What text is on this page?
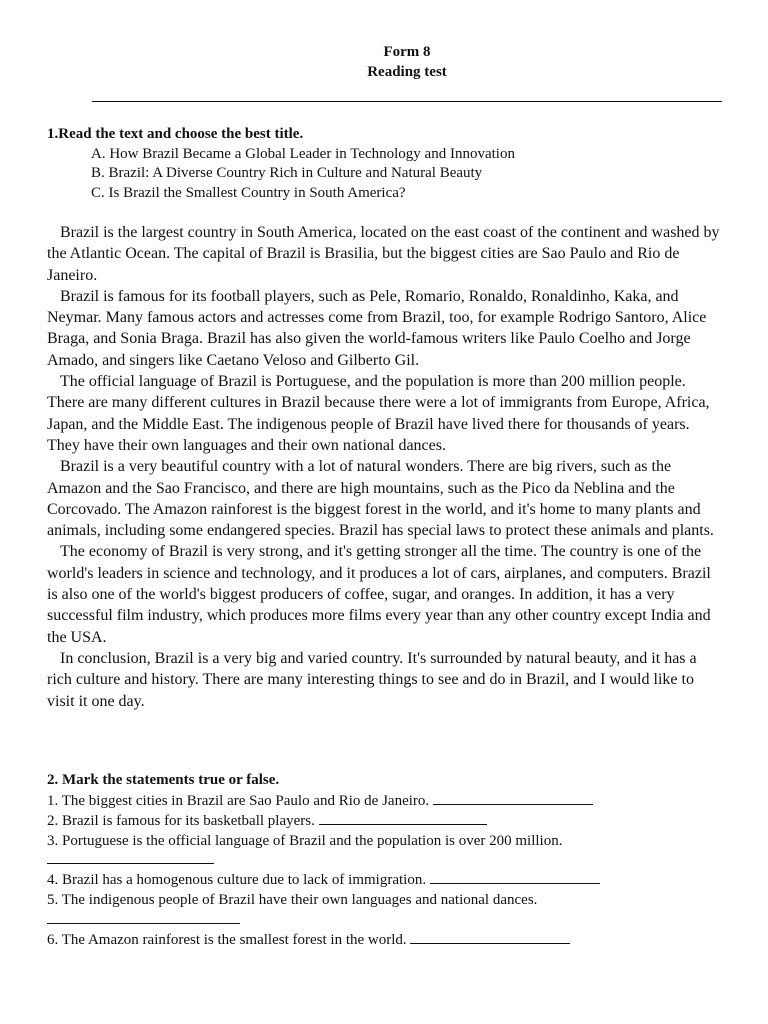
Form 8
Reading test
1.Read the text and choose the best title.
A. How Brazil Became a Global Leader in Technology and Innovation
B. Brazil: A Diverse Country Rich in Culture and Natural Beauty
C. Is Brazil the Smallest Country in South America?

Brazil is the largest country in South America, located on the east coast of the continent and washed by the Atlantic Ocean. The capital of Brazil is Brasilia, but the biggest cities are Sao Paulo and Rio de Janeiro.

Brazil is famous for its football players, such as Pele, Romario, Ronaldo, Ronaldinho, Kaka, and Neymar. Many famous actors and actresses come from Brazil, too, for example Rodrigo Santoro, Alice Braga, and Sonia Braga. Brazil has also given the world-famous writers like Paulo Coelho and Jorge Amado, and singers like Caetano Veloso and Gilberto Gil.

The official language of Brazil is Portuguese, and the population is more than 200 million people. There are many different cultures in Brazil because there were a lot of immigrants from Europe, Africa, Japan, and the Middle East. The indigenous people of Brazil have lived there for thousands of years. They have their own languages and their own national dances.

Brazil is a very beautiful country with a lot of natural wonders. There are big rivers, such as the Amazon and the Sao Francisco, and there are high mountains, such as the Pico da Neblina and the Corcovado. The Amazon rainforest is the biggest forest in the world, and it's home to many plants and animals, including some endangered species. Brazil has special laws to protect these animals and plants.

The economy of Brazil is very strong, and it's getting stronger all the time. The country is one of the world's leaders in science and technology, and it produces a lot of cars, airplanes, and computers. Brazil is also one of the world's biggest producers of coffee, sugar, and oranges. In addition, it has a very successful film industry, which produces more films every year than any other country except India and the USA.

In conclusion, Brazil is a very big and varied country. It's surrounded by natural beauty, and it has a rich culture and history. There are many interesting things to see and do in Brazil, and I would like to visit it one day.

2. Mark the statements true or false.
1. The biggest cities in Brazil are Sao Paulo and Rio de Janeiro.
2. Brazil is famous for its basketball players.
3. Portuguese is the official language of Brazil and the population is over 200 million.
4. Brazil has a homogenous culture due to lack of immigration.
5. The indigenous people of Brazil have their own languages and national dances.
6. The Amazon rainforest is the smallest forest in the world.
